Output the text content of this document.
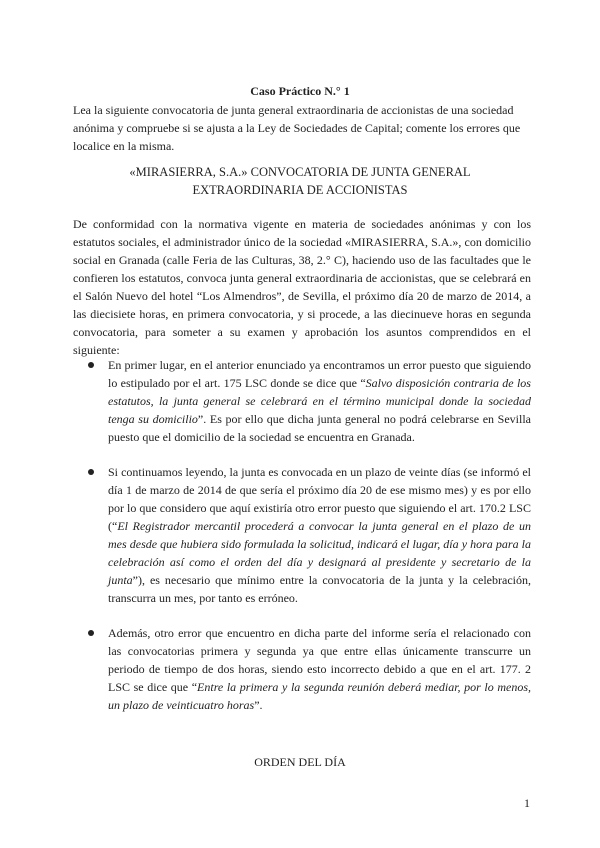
Caso Práctico N.° 1

Lea la siguiente convocatoria de junta general extraordinaria de accionistas de una sociedad anónima y compruebe si se ajusta a la Ley de Sociedades de Capital; comente los errores que localice en la misma.

«MIRASIERRA, S.A.» CONVOCATORIA DE JUNTA GENERAL EXTRAORDINARIA DE ACCIONISTAS

De conformidad con la normativa vigente en materia de sociedades anónimas y con los estatutos sociales, el administrador único de la sociedad «MIRASIERRA, S.A.», con domicilio social en Granada (calle Feria de las Culturas, 38, 2.° C), haciendo uso de las facultades que le confieren los estatutos, convoca junta general extraordinaria de accionistas, que se celebrará en el Salón Nuevo del hotel “Los Almendros”, de Sevilla, el próximo día 20 de marzo de 2014, a las diecisiete horas, en primera convocatoria, y si procede, a las diecinueve horas en segunda convocatoria, para someter a su examen y aprobación los asuntos comprendidos en el siguiente:

En primer lugar, en el anterior enunciado ya encontramos un error puesto que siguiendo lo estipulado por el art. 175 LSC donde se dice que “Salvo disposición contraria de los estatutos, la junta general se celebrará en el término municipal donde la sociedad tenga su domicilio”. Es por ello que dicha junta general no podrá celebrarse en Sevilla puesto que el domicilio de la sociedad se encuentra en Granada.
Si continuamos leyendo, la junta es convocada en un plazo de veinte días (se informó el día 1 de marzo de 2014 de que sería el próximo día 20 de ese mismo mes) y es por ello por lo que considero que aquí existiría otro error puesto que siguiendo el art. 170.2 LSC (“El Registrador mercantil procederá a convocar la junta general en el plazo de un mes desde que hubiera sido formulada la solicitud, indicará el lugar, día y hora para la celebración así como el orden del día y designará al presidente y secretario de la junta”), es necesario que mínimo entre la convocatoria de la junta y la celebración, transcurra un mes, por tanto es erróneo.
Además, otro error que encuentro en dicha parte del informe sería el relacionado con las convocatorias primera y segunda ya que entre ellas únicamente transcurre un periodo de tiempo de dos horas, siendo esto incorrecto debido a que en el art. 177. 2 LSC se dice que “Entre la primera y la segunda reunión deberá mediar, por lo menos, un plazo de veinticuatro horas”.
ORDEN DEL DÍA
1
